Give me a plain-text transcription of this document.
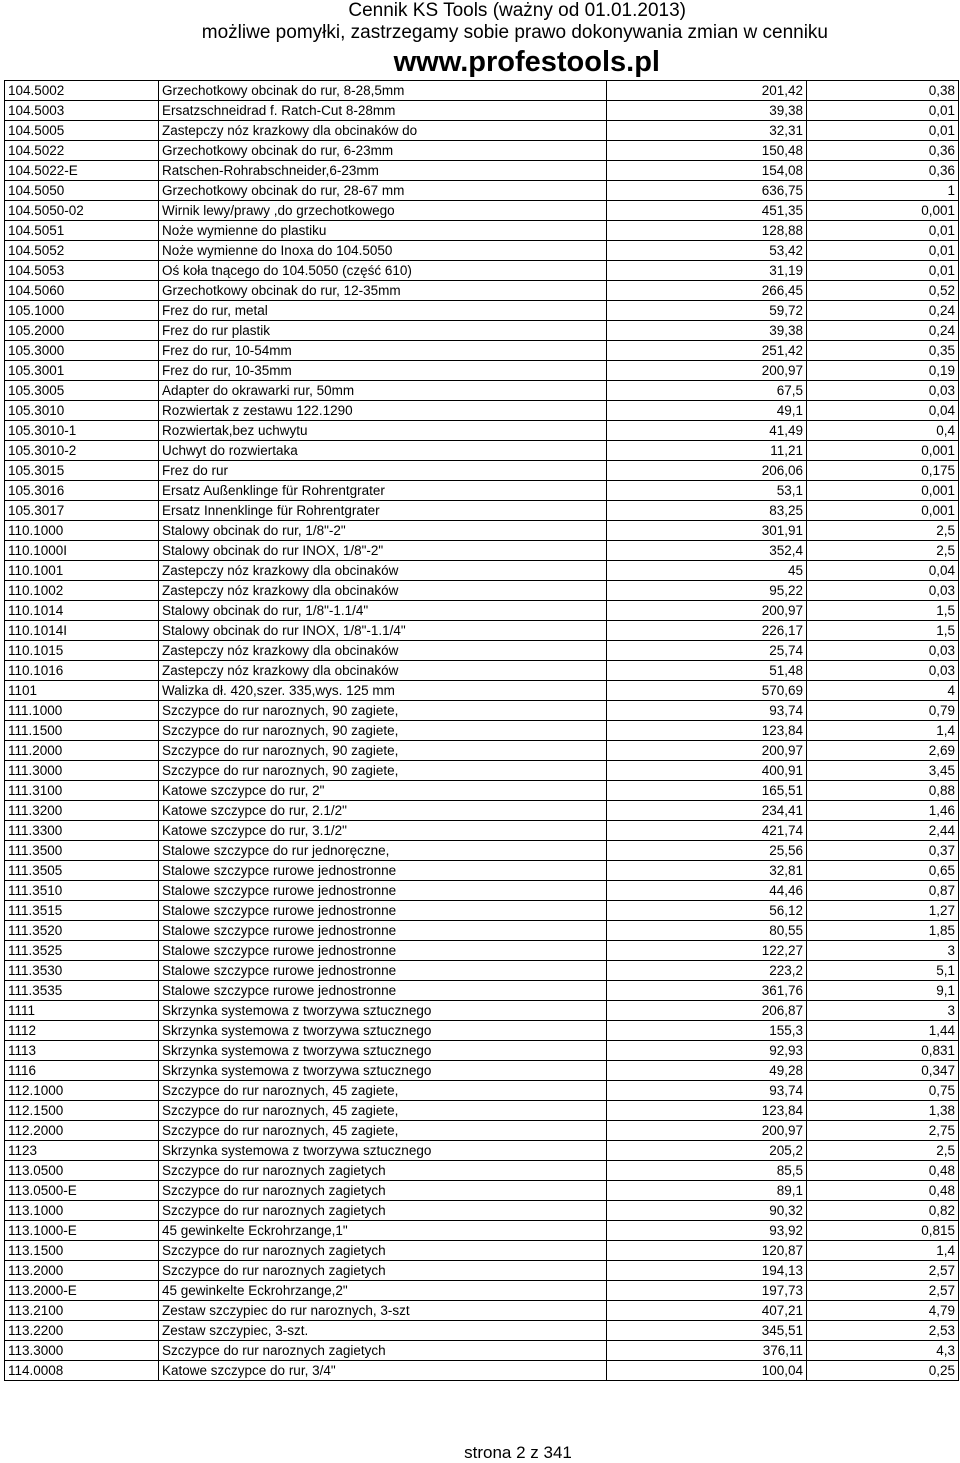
Cennik KS Tools (ważny od 01.01.2013)
możliwe pomyłki, zastrzegamy sobie prawo dokonywania zmian w cenniku
www.profestools.pl
104.5002	Grzechotkowy obcinak do rur, 8-28,5mm	201,42	0,38
104.5003	Ersatzschneidrad f. Ratch-Cut 8-28mm	39,38	0,01
104.5005	Zastepczy nóz krazkowy dla obcinaków do	32,31	0,01
104.5022	Grzechotkowy obcinak do rur, 6-23mm	150,48	0,36
104.5022-E	Ratschen-Rohrabschneider,6-23mm	154,08	0,36
104.5050	Grzechotkowy obcinak do rur, 28-67 mm	636,75	1
104.5050-02	Wirnik lewy/prawy ,do grzechotkowego	451,35	0,001
104.5051	Noże wymienne do plastiku	128,88	0,01
104.5052	Noże wymienne do Inoxa do 104.5050	53,42	0,01
104.5053	Oś koła tnącego do 104.5050 (część 610)	31,19	0,01
104.5060	Grzechotkowy obcinak do rur, 12-35mm	266,45	0,52
105.1000	Frez do rur, metal	59,72	0,24
105.2000	Frez do rur plastik	39,38	0,24
105.3000	Frez do rur, 10-54mm	251,42	0,35
105.3001	Frez do rur, 10-35mm	200,97	0,19
105.3005	Adapter do okrawarki rur, 50mm	67,5	0,03
105.3010	Rozwiertak z zestawu 122.1290	49,1	0,04
105.3010-1	Rozwiertak,bez uchwytu	41,49	0,4
105.3010-2	Uchwyt do rozwiertaka	11,21	0,001
105.3015	Frez do rur	206,06	0,175
105.3016	Ersatz Außenklinge für Rohrentgrater	53,1	0,001
105.3017	Ersatz Innenklinge für Rohrentgrater	83,25	0,001
110.1000	Stalowy obcinak do rur, 1/8"-2"	301,91	2,5
110.1000I	Stalowy obcinak do rur INOX, 1/8"-2"	352,4	2,5
110.1001	Zastepczy nóz krazkowy dla obcinaków	45	0,04
110.1002	Zastepczy nóz krazkowy dla obcinaków	95,22	0,03
110.1014	Stalowy obcinak do rur, 1/8"-1.1/4"	200,97	1,5
110.1014I	Stalowy obcinak do rur INOX, 1/8"-1.1/4"	226,17	1,5
110.1015	Zastepczy nóz krazkowy dla obcinaków	25,74	0,03
110.1016	Zastepczy nóz krazkowy dla obcinaków	51,48	0,03
1101	Walizka dł. 420,szer. 335,wys. 125 mm	570,69	4
111.1000	Szczypce do rur naroznych, 90 zagiete,	93,74	0,79
111.1500	Szczypce do rur naroznych, 90 zagiete,	123,84	1,4
111.2000	Szczypce do rur naroznych, 90 zagiete,	200,97	2,69
111.3000	Szczypce do rur naroznych, 90 zagiete,	400,91	3,45
111.3100	Katowe szczypce do rur, 2"	165,51	0,88
111.3200	Katowe szczypce do rur, 2.1/2"	234,41	1,46
111.3300	Katowe szczypce do rur, 3.1/2"	421,74	2,44
111.3500	Stalowe szczypce do rur jednoręczne,	25,56	0,37
111.3505	Stalowe szczypce rurowe jednostronne	32,81	0,65
111.3510	Stalowe szczypce rurowe jednostronne	44,46	0,87
111.3515	Stalowe szczypce rurowe jednostronne	56,12	1,27
111.3520	Stalowe szczypce rurowe jednostronne	80,55	1,85
111.3525	Stalowe szczypce rurowe jednostronne	122,27	3
111.3530	Stalowe szczypce rurowe jednostronne	223,2	5,1
111.3535	Stalowe szczypce rurowe jednostronne	361,76	9,1
1111	Skrzynka systemowa z tworzywa sztucznego	206,87	3
1112	Skrzynka systemowa z tworzywa sztucznego	155,3	1,44
1113	Skrzynka systemowa z tworzywa sztucznego	92,93	0,831
1116	Skrzynka systemowa z tworzywa sztucznego	49,28	0,347
112.1000	Szczypce do rur naroznych, 45 zagiete,	93,74	0,75
112.1500	Szczypce do rur naroznych, 45 zagiete,	123,84	1,38
112.2000	Szczypce do rur naroznych, 45 zagiete,	200,97	2,75
1123	Skrzynka systemowa z tworzywa sztucznego	205,2	2,5
113.0500	Szczypce do rur naroznych zagietych	85,5	0,48
113.0500-E	Szczypce do rur naroznych zagietych	89,1	0,48
113.1000	Szczypce do rur naroznych zagietych	90,32	0,82
113.1000-E	45 gewinkelte Eckrohrzange,1"	93,92	0,815
113.1500	Szczypce do rur naroznych zagietych	120,87	1,4
113.2000	Szczypce do rur naroznych zagietych	194,13	2,57
113.2000-E	45 gewinkelte Eckrohrzange,2"	197,73	2,57
113.2100	Zestaw szczypiec do rur naroznych, 3-szt	407,21	4,79
113.2200	Zestaw szczypiec, 3-szt.	345,51	2,53
113.3000	Szczypce do rur naroznych zagietych	376,11	4,3
114.0008	Katowe szczypce do rur, 3/4"	100,04	0,25
strona 2 z 341
